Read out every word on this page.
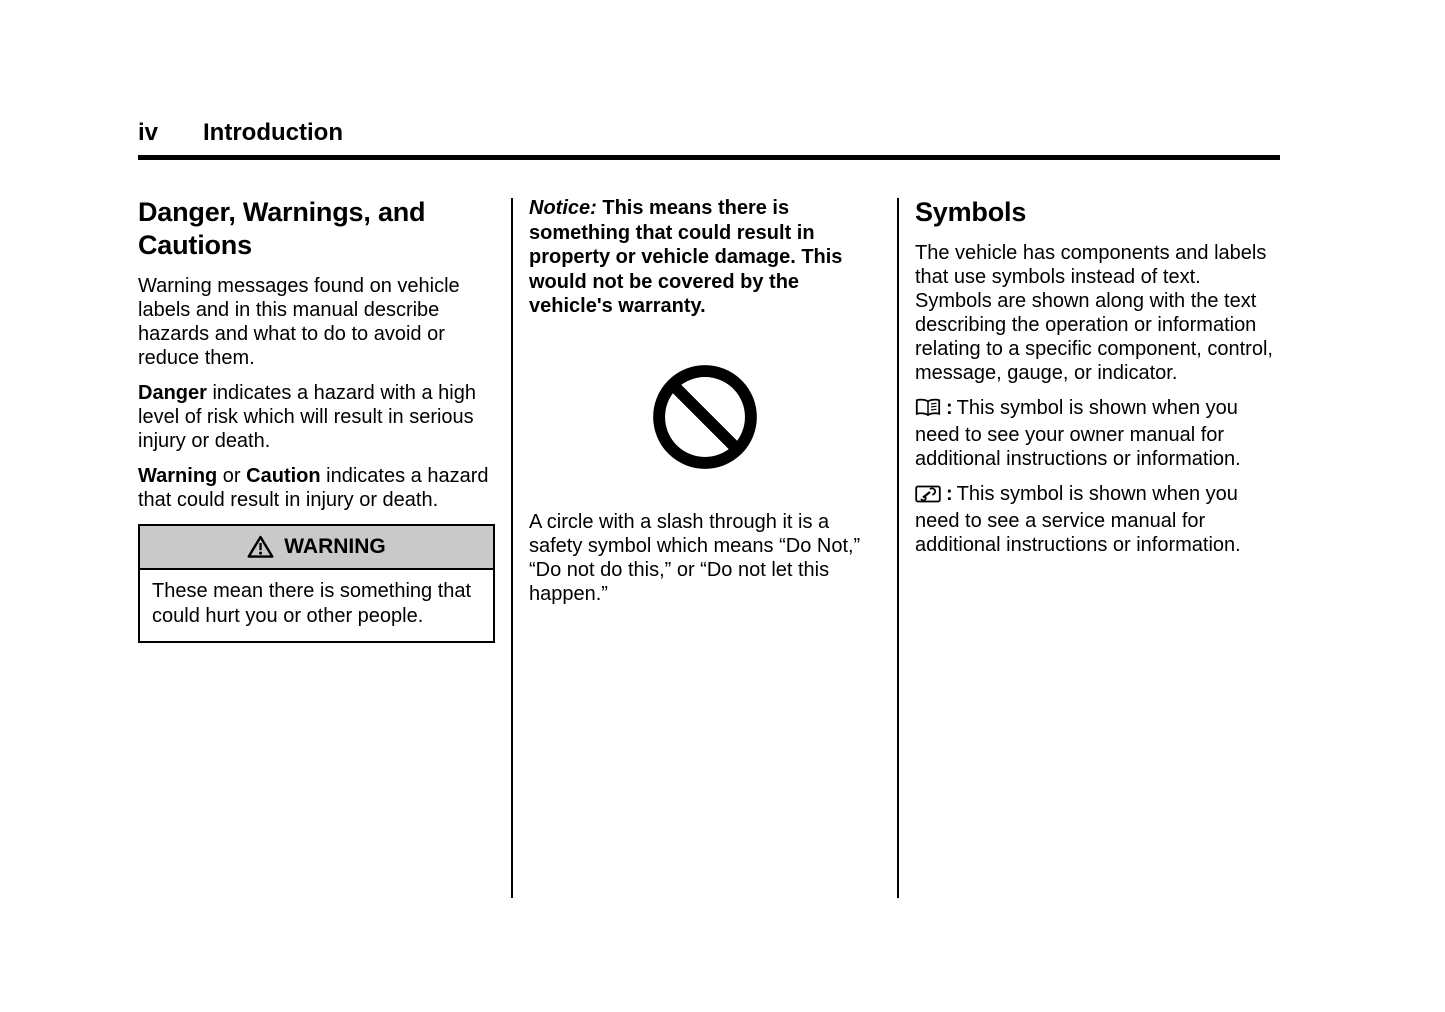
iv Introduction
Danger, Warnings, and Cautions

Warning messages found on vehicle labels and in this manual describe hazards and what to do to avoid or reduce them.

Danger indicates a hazard with a high level of risk which will result in serious injury or death.

Warning or Caution indicates a hazard that could result in injury or death.

WARNING
These mean there is something that could hurt you or other people.

Notice: This means there is something that could result in property or vehicle damage. This would not be covered by the vehicle's warranty.

A circle with a slash through it is a safety symbol which means “Do Not,” “Do not do this,” or “Do not let this happen.”

Symbols

The vehicle has components and labels that use symbols instead of text. Symbols are shown along with the text describing the operation or information relating to a specific component, control, message, gauge, or indicator.

: This symbol is shown when you need to see your owner manual for additional instructions or information.

: This symbol is shown when you need to see a service manual for additional instructions or information.
